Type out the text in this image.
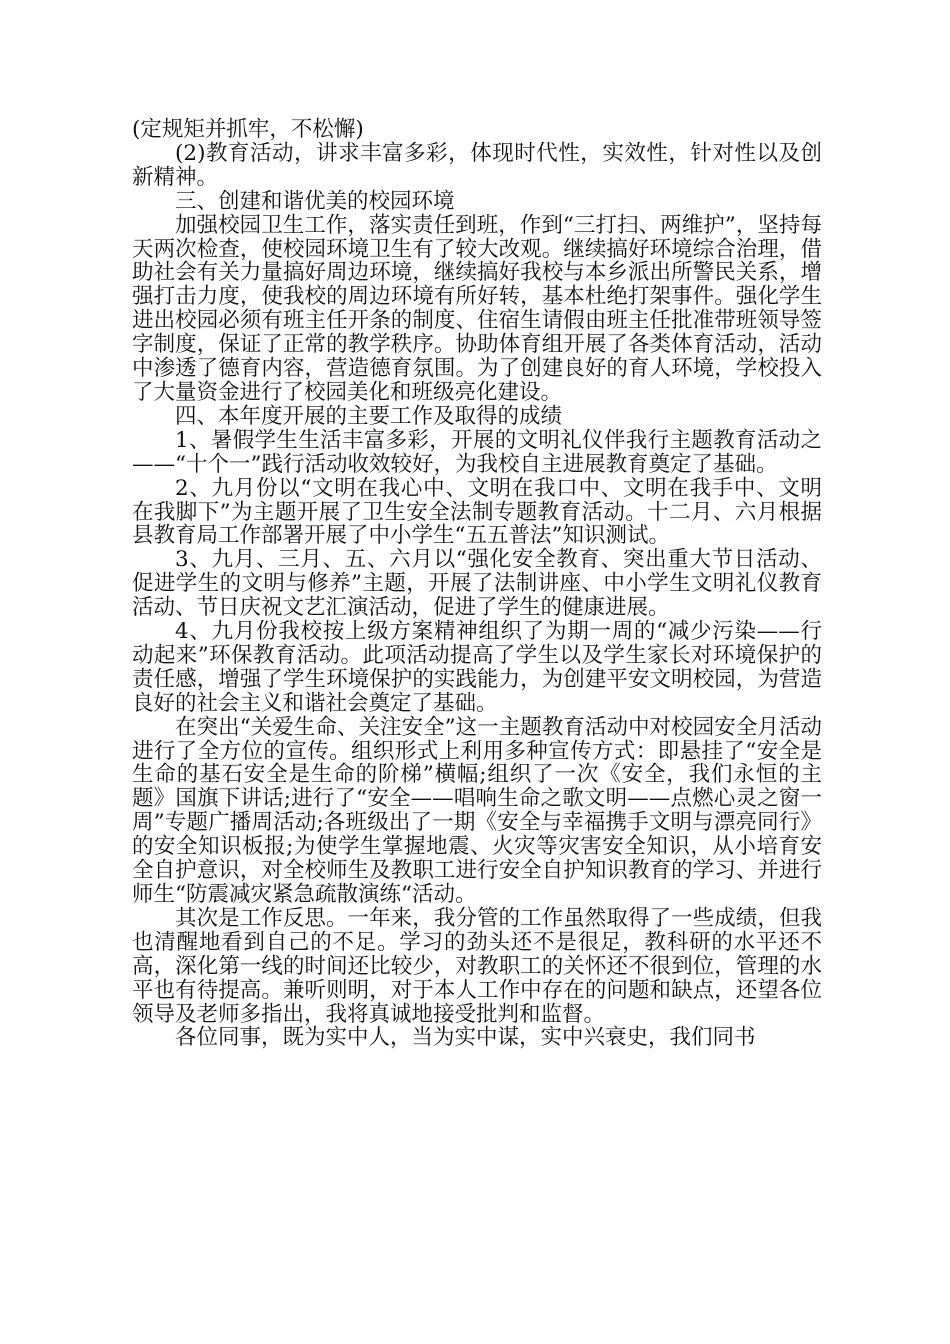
(定规矩并抓牢，不松懈)

(2)教育活动，讲求丰富多彩，体现时代性，实效性，针对性以及创新精神。

三、创建和谐优美的校园环境

加强校园卫生工作，落实责任到班，作到“三打扫、两维护”，坚持每天两次检查，使校园环境卫生有了较大改观。继续搞好环境综合治理，借助社会有关力量搞好周边环境，继续搞好我校与本乡派出所警民关系，增强打击力度，使我校的周边环境有所好转，基本杜绝打架事件。强化学生进出校园必须有班主任开条的制度、住宿生请假由班主任批准带班领导签字制度，保证了正常的教学秩序。协助体育组开展了各类体育活动，活动中渗透了德育内容，营造德育氛围。为了创建良好的育人环境，学校投入了大量资金进行了校园美化和班级亮化建设。

四、本年度开展的主要工作及取得的成绩

1、暑假学生生活丰富多彩，开展的文明礼仪伴我行主题教育活动之——“十个一”践行活动收效较好，为我校自主进展教育奠定了基础。

2、九月份以“文明在我心中、文明在我口中、文明在我手中、文明在我脚下”为主题开展了卫生安全法制专题教育活动。十二月、六月根据县教育局工作部署开展了中小学生“五五普法”知识测试。

3、九月、三月、五、六月以“强化安全教育、突出重大节日活动、促进学生的文明与修养”主题，开展了法制讲座、中小学生文明礼仪教育活动、节日庆祝文艺汇演活动，促进了学生的健康进展。

4、九月份我校按上级方案精神组织了为期一周的“减少污染——行动起来”环保教育活动。此项活动提高了学生以及学生家长对环境保护的责任感，增强了学生环境保护的实践能力，为创建平安文明校园，为营造良好的社会主义和谐社会奠定了基础。

在突出“关爱生命、关注安全”这一主题教育活动中对校园安全月活动进行了全方位的宣传。组织形式上利用多种宣传方式：即悬挂了“安全是生命的基石安全是生命的阶梯”横幅;组织了一次《安全，我们永恒的主题》国旗下讲话;进行了“安全——唱响生命之歌文明——点燃心灵之窗一周”专题广播周活动;各班级出了一期《安全与幸福携手文明与漂亮同行》的安全知识板报;为使学生掌握地震、火灾等灾害安全知识，从小培育安全自护意识，对全校师生及教职工进行安全自护知识教育的学习、并进行师生“防震减灾紧急疏散演练“活动。

其次是工作反思。一年来，我分管的工作虽然取得了一些成绩，但我也清醒地看到自己的不足。学习的劲头还不是很足，教科研的水平还不高，深化第一线的时间还比较少，对教职工的关怀还不很到位，管理的水平也有待提高。兼听则明，对于本人工作中存在的问题和缺点，还望各位领导及老师多指出，我将真诚地接受批判和监督。

各位同事，既为实中人，当为实中谋，实中兴衰史，我们同书
